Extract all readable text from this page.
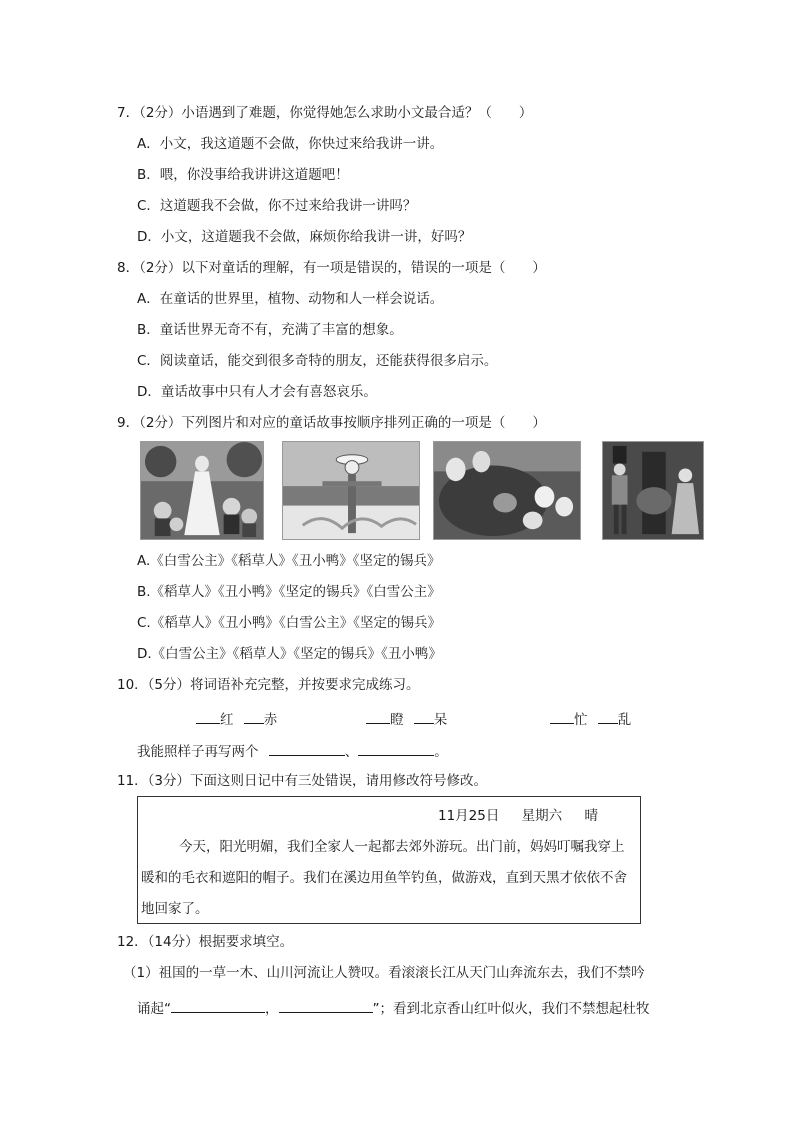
7．（2分）小语遇到了难题，你觉得她怎么求助小文最合适？（　　）
A．小文，我这道题不会做，你快过来给我讲一讲。
B．喂，你没事给我讲讲这道题吧！
C．这道题我不会做，你不过来给我讲一讲吗？
D．小文，这道题我不会做，麻烦你给我讲一讲，好吗？
8．（2分）以下对童话的理解，有一项是错误的，错误的一项是（　　）
A．在童话的世界里，植物、动物和人一样会说话。
B．童话世界无奇不有，充满了丰富的想象。
C．阅读童话，能交到很多奇特的朋友，还能获得很多启示。
D．童话故事中只有人才会有喜怒哀乐。
9．（2分）下列图片和对应的童话故事按顺序排列正确的一项是（　　）
A.《白雪公主》《稻草人》《丑小鸭》《坚定的锡兵》
B.《稻草人》《丑小鸭》《坚定的锡兵》《白雪公主》
C.《稻草人》《丑小鸭》《白雪公主》《坚定的锡兵》
D.《白雪公主》《稻草人》《坚定的锡兵》《丑小鸭》
10．（5分）将词语补充完整，并按要求完成练习。
红 赤	瞪 呆	忙 乱
我能照样子再写两个	、	。
11．（3分）下面这则日记中有三处错误，请用修改符号修改。
11月25日 星期六 晴
今天，阳光明媚，我们全家人一起都去郊外游玩。出门前，妈妈叮嘱我穿上
暖和的毛衣和遮阳的帽子。我们在溪边用鱼竿钓鱼，做游戏，直到天黑才依依不舍
地回家了。
12．（14分）根据要求填空。
（1）祖国的一草一木、山川河流让人赞叹。看滚滚长江从天门山奔流东去，我们不禁吟
诵起“	，	”；看到北京香山红叶似火，我们不禁想起杜牧
